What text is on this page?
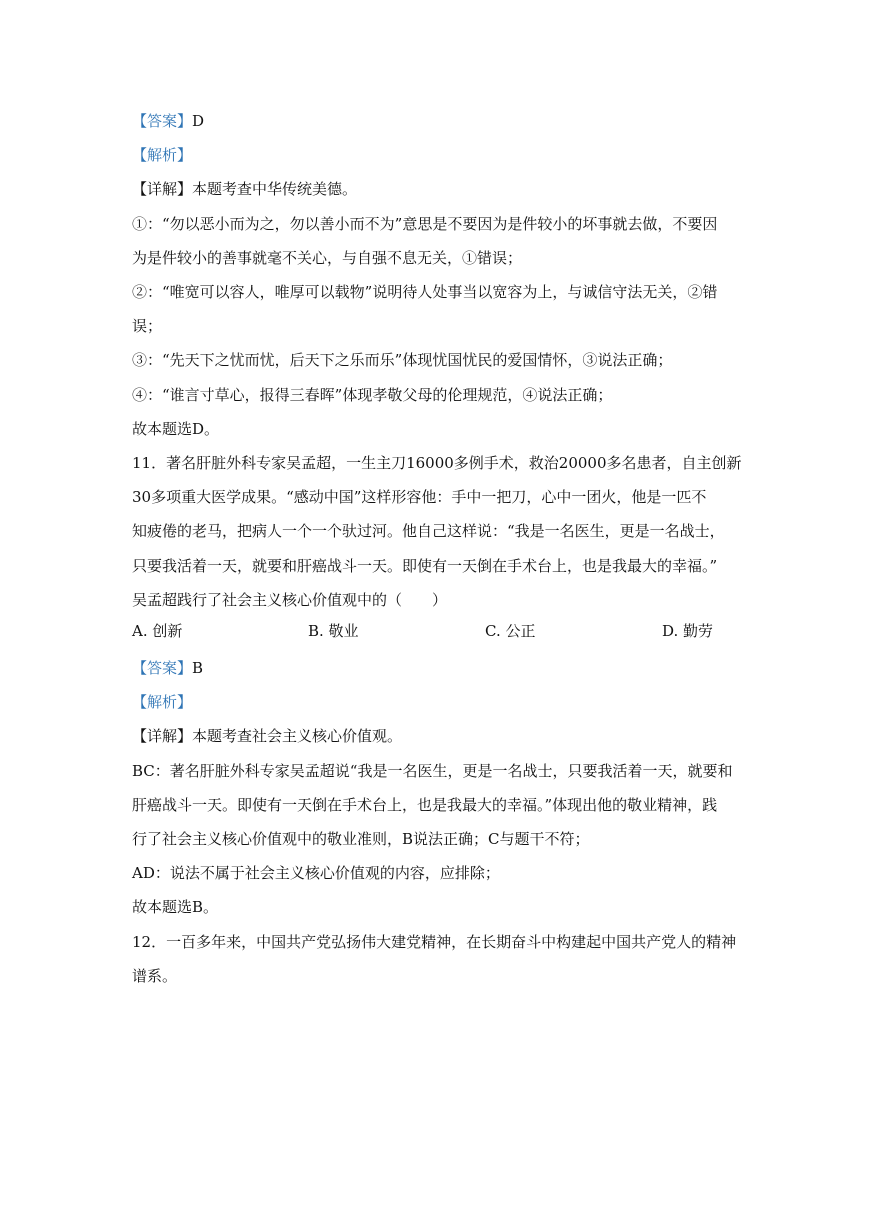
【答案】D
【解析】
【详解】本题考查中华传统美德。
①：“勿以恶小而为之，勿以善小而不为”意思是不要因为是件较小的坏事就去做，不要因
为是件较小的善事就毫不关心，与自强不息无关，①错误；
②：“唯宽可以容人，唯厚可以载物”说明待人处事当以宽容为上，与诚信守法无关，②错
误；
③：“先天下之忧而忧，后天下之乐而乐”体现忧国忧民的爱国情怀，③说法正确；
④：“谁言寸草心，报得三春晖”体现孝敬父母的伦理规范，④说法正确；
故本题选D。
11．著名肝脏外科专家吴孟超，一生主刀16000多例手术，救治20000多名患者，自主创新
30多项重大医学成果。“感动中国”这样形容他：手中一把刀，心中一团火，他是一匹不
知疲倦的老马，把病人一个一个驮过河。他自己这样说：“我是一名医生，更是一名战士，
只要我活着一天，就要和肝癌战斗一天。即使有一天倒在手术台上，也是我最大的幸福。”
吴孟超践行了社会主义核心价值观中的（　　）
A. 创新	B. 敬业	C. 公正	D. 勤劳
【答案】B
【解析】
【详解】本题考查社会主义核心价值观。
BC：著名肝脏外科专家吴孟超说“我是一名医生，更是一名战士，只要我活着一天，就要和
肝癌战斗一天。即使有一天倒在手术台上，也是我最大的幸福。”体现出他的敬业精神，践
行了社会主义核心价值观中的敬业准则，B说法正确；C与题干不符；
AD：说法不属于社会主义核心价值观的内容，应排除；
故本题选B。
12．一百多年来，中国共产党弘扬伟大建党精神，在长期奋斗中构建起中国共产党人的精神
谱系。
